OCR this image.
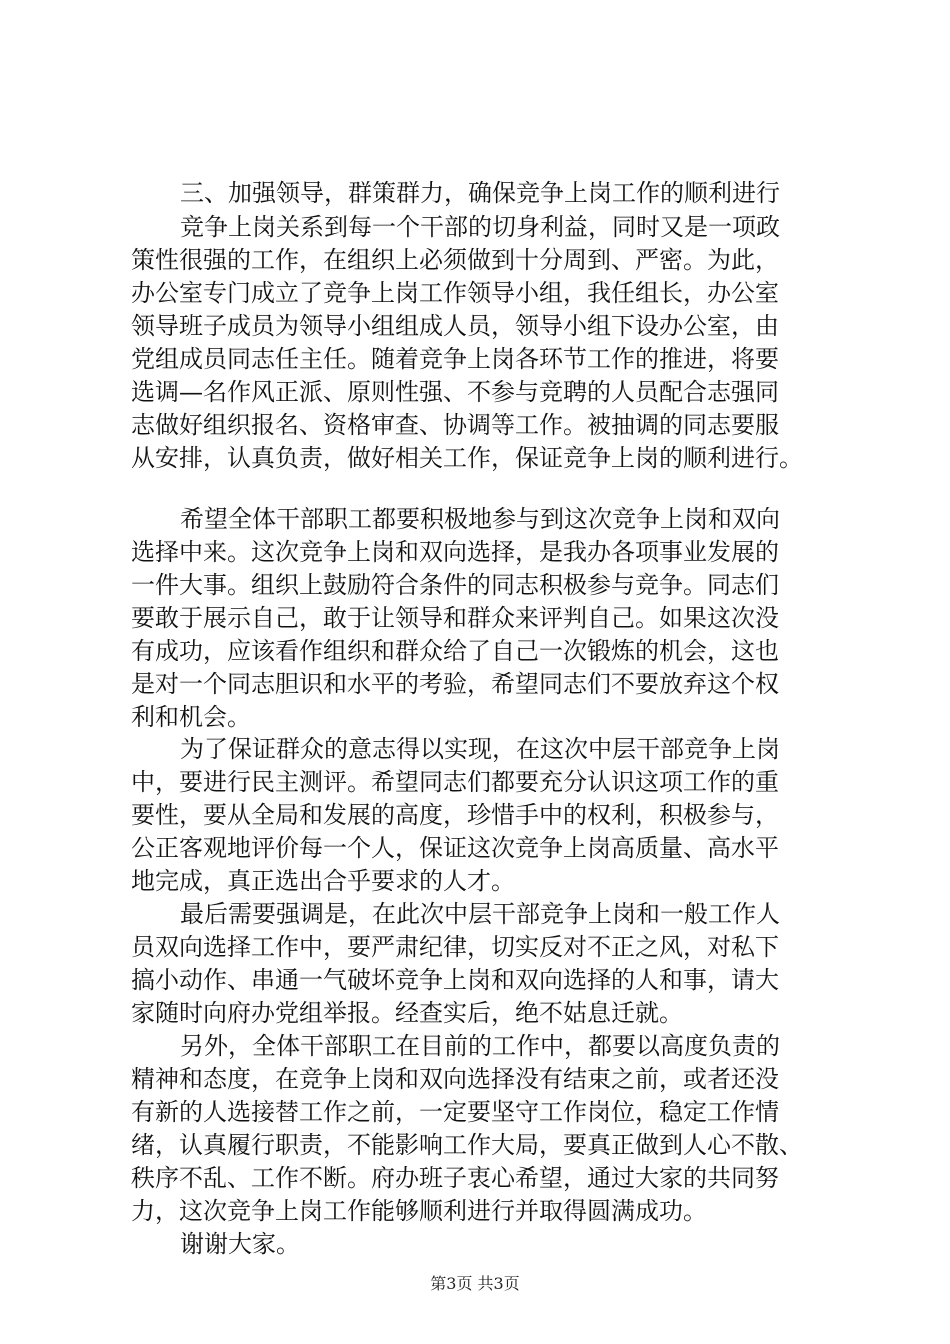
三、加强领导，群策群力，确保竞争上岗工作的顺利进行

竞争上岗关系到每一个干部的切身利益，同时又是一项政

策性很强的工作，在组织上必须做到十分周到、严密。为此，

办公室专门成立了竞争上岗工作领导小组，我任组长，办公室

领导班子成员为领导小组组成人员，领导小组下设办公室，由

党组成员同志任主任。随着竞争上岗各环节工作的推进，将要

选调—名作风正派、原则性强、不参与竞聘的人员配合志强同

志做好组织报名、资格审查、协调等工作。被抽调的同志要服

从安排，认真负责，做好相关工作，保证竞争上岗的顺利进行。

希望全体干部职工都要积极地参与到这次竞争上岗和双向

选择中来。这次竞争上岗和双向选择，是我办各项事业发展的

一件大事。组织上鼓励符合条件的同志积极参与竞争。同志们

要敢于展示自己，敢于让领导和群众来评判自己。如果这次没

有成功，应该看作组织和群众给了自己一次锻炼的机会，这也

是对一个同志胆识和水平的考验，希望同志们不要放弃这个权

利和机会。

为了保证群众的意志得以实现，在这次中层干部竞争上岗

中，要进行民主测评。希望同志们都要充分认识这项工作的重

要性，要从全局和发展的高度，珍惜手中的权利，积极参与，

公正客观地评价每一个人，保证这次竞争上岗高质量、高水平

地完成，真正选出合乎要求的人才。

最后需要强调是，在此次中层干部竞争上岗和一般工作人

员双向选择工作中，要严肃纪律，切实反对不正之风，对私下

搞小动作、串通一气破坏竞争上岗和双向选择的人和事，请大

家随时向府办党组举报。经查实后，绝不姑息迁就。

另外，全体干部职工在目前的工作中，都要以高度负责的

精神和态度，在竞争上岗和双向选择没有结束之前，或者还没

有新的人选接替工作之前，一定要坚守工作岗位，稳定工作情

绪，认真履行职责，不能影响工作大局，要真正做到人心不散、

秩序不乱、工作不断。府办班子衷心希望，通过大家的共同努

力，这次竞争上岗工作能够顺利进行并取得圆满成功。

谢谢大家。

第3页 共3页
